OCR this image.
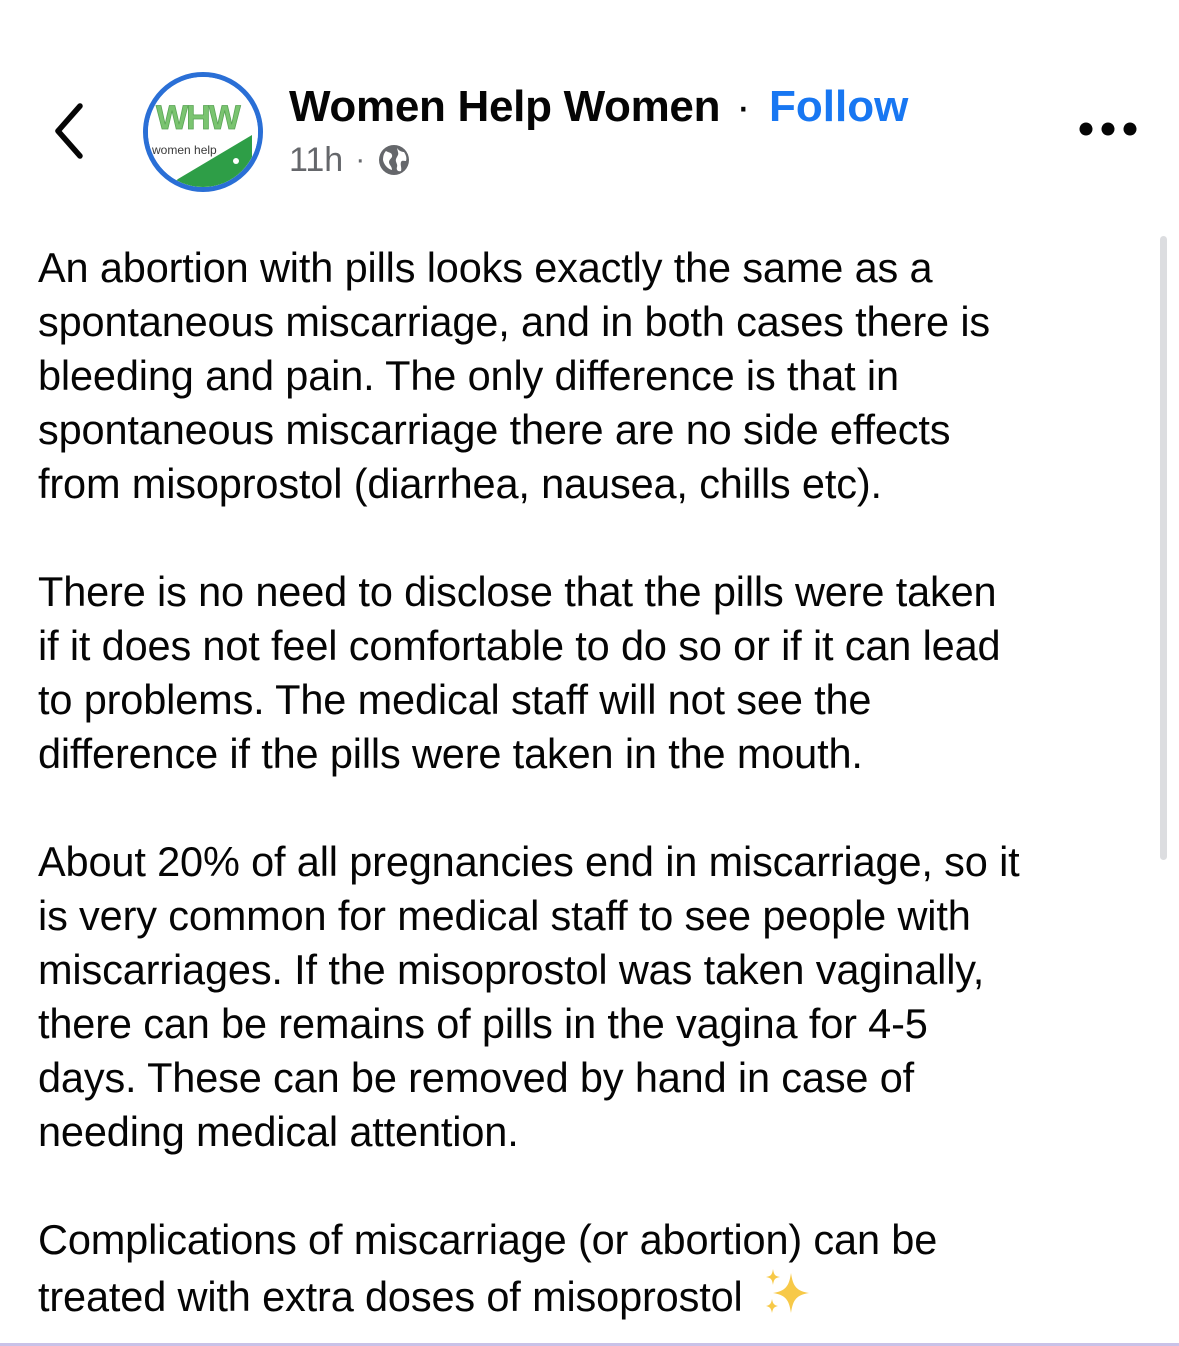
WHW
women help
Women Help Women · Follow
11h ·

An abortion with pills looks exactly the same as a
spontaneous miscarriage, and in both cases there is
bleeding and pain. The only difference is that in
spontaneous miscarriage there are no side effects
from misoprostol (diarrhea, nausea, chills etc).

There is no need to disclose that the pills were taken
if it does not feel comfortable to do so or if it can lead
to problems. The medical staff will not see the
difference if the pills were taken in the mouth.

About 20% of all pregnancies end in miscarriage, so it
is very common for medical staff to see people with
miscarriages. If the misoprostol was taken vaginally,
there can be remains of pills in the vagina for 4-5
days. These can be removed by hand in case of
needing medical attention.

Complications of miscarriage (or abortion) can be
treated with extra doses of misoprostol
